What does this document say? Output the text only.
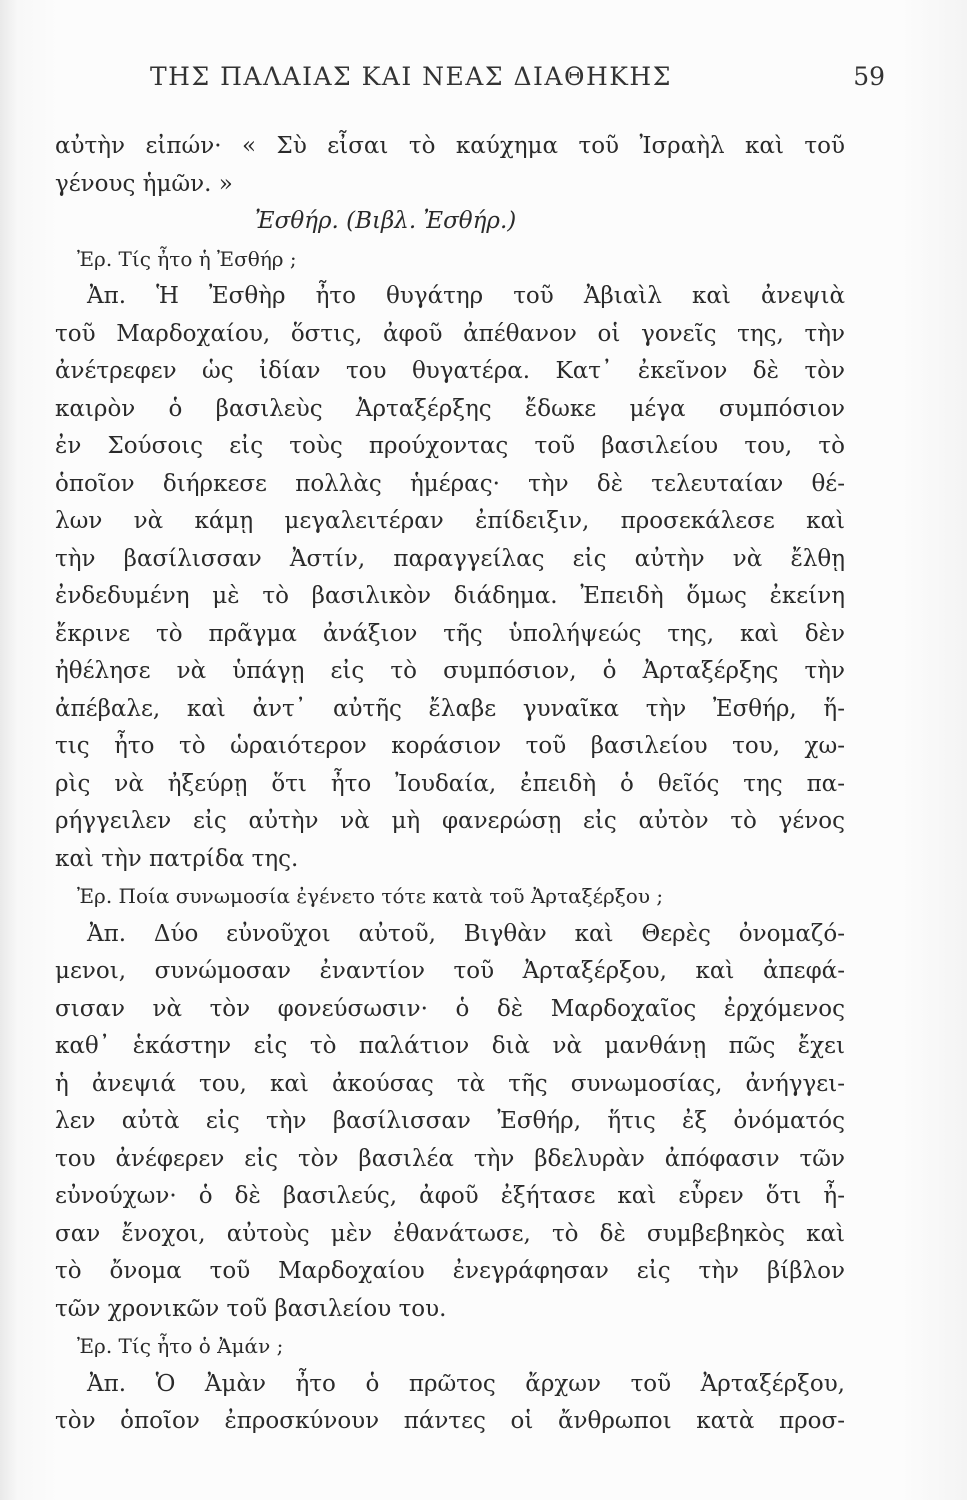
ΤΗΣ ΠΑΛΑΙΑΣ ΚΑΙ ΝΕΑΣ ΔΙΑΘΗΚΗΣ	59
αὐτὴν εἰπών· « Σὺ εἶσαι τὸ καύχημα τοῦ Ἰσραὴλ καὶ τοῦ
γένους ἡμῶν. »
Ἐσθήρ. (Βιβλ. Ἐσθήρ.)
Ἐρ. Τίς ἦτο ἡ Ἐσθήρ ;
Ἀπ. Ἡ Ἐσθὴρ ἦτο θυγάτηρ τοῦ Ἀβιαὶλ καὶ ἀνεψιὰ
τοῦ Μαρδοχαίου, ὅστις, ἀφοῦ ἀπέθανον οἱ γονεῖς της, τὴν
ἀνέτρεφεν ὡς ἰδίαν του θυγατέρα. Κατ᾽ ἐκεῖνον δὲ τὸν
καιρὸν ὁ βασιλεὺς Ἀρταξέρξης ἔδωκε μέγα συμπόσιον
ἐν Σούσοις εἰς τοὺς προύχοντας τοῦ βασιλείου του, τὸ
ὁποῖον διήρκεσε πολλὰς ἡμέρας· τὴν δὲ τελευταίαν θέ-
λων νὰ κάμῃ μεγαλειτέραν ἐπίδειξιν, προσεκάλεσε καὶ
τὴν βασίλισσαν Ἀστίν, παραγγείλας εἰς αὐτὴν νὰ ἔλθῃ
ἐνδεδυμένη μὲ τὸ βασιλικὸν διάδημα. Ἐπειδὴ ὅμως ἐκείνη
ἔκρινε τὸ πρᾶγμα ἀνάξιον τῆς ὑπολήψεώς της, καὶ δὲν
ἠθέλησε νὰ ὑπάγῃ εἰς τὸ συμπόσιον, ὁ Ἀρταξέρξης τὴν
ἀπέβαλε, καὶ ἀντ᾽ αὐτῆς ἔλαβε γυναῖκα τὴν Ἐσθήρ, ἥ-
τις ἦτο τὸ ὡραιότερον κοράσιον τοῦ βασιλείου του, χω-
ρὶς νὰ ἠξεύρῃ ὅτι ἦτο Ἰουδαία, ἐπειδὴ ὁ θεῖός της πα-
ρήγγειλεν εἰς αὐτὴν νὰ μὴ φανερώσῃ εἰς αὐτὸν τὸ γένος
καὶ τὴν πατρίδα της.
Ἐρ. Ποία συνωμοσία ἐγένετο τότε κατὰ τοῦ Ἀρταξέρξου ;
Ἀπ. Δύο εὐνοῦχοι αὐτοῦ, Βιγθὰν καὶ Θερὲς ὀνομαζό-
μενοι, συνώμοσαν ἐναντίον τοῦ Ἀρταξέρξου, καὶ ἀπεφά-
σισαν νὰ τὸν φονεύσωσιν· ὁ δὲ Μαρδοχαῖος ἐρχόμενος
καθ᾽ ἑκάστην εἰς τὸ παλάτιον διὰ νὰ μανθάνῃ πῶς ἔχει
ἡ ἀνεψιά του, καὶ ἀκούσας τὰ τῆς συνωμοσίας, ἀνήγγει-
λεν αὐτὰ εἰς τὴν βασίλισσαν Ἐσθήρ, ἥτις ἐξ ὀνόματός
του ἀνέφερεν εἰς τὸν βασιλέα τὴν βδελυρὰν ἀπόφασιν τῶν
εὐνούχων· ὁ δὲ βασιλεύς, ἀφοῦ ἐξήτασε καὶ εὗρεν ὅτι ἦ-
σαν ἔνοχοι, αὐτοὺς μὲν ἐθανάτωσε, τὸ δὲ συμβεβηκὸς καὶ
τὸ ὄνομα τοῦ Μαρδοχαίου ἐνεγράφησαν εἰς τὴν βίβλον
τῶν χρονικῶν τοῦ βασιλείου του.
Ἐρ. Τίς ἦτο ὁ Ἀμάν ;
Ἀπ. Ὁ Ἀμὰν ἦτο ὁ πρῶτος ἄρχων τοῦ Ἀρταξέρξου,
τὸν ὁποῖον ἐπροσκύνουν πάντες οἱ ἄνθρωποι κατὰ προσ-
